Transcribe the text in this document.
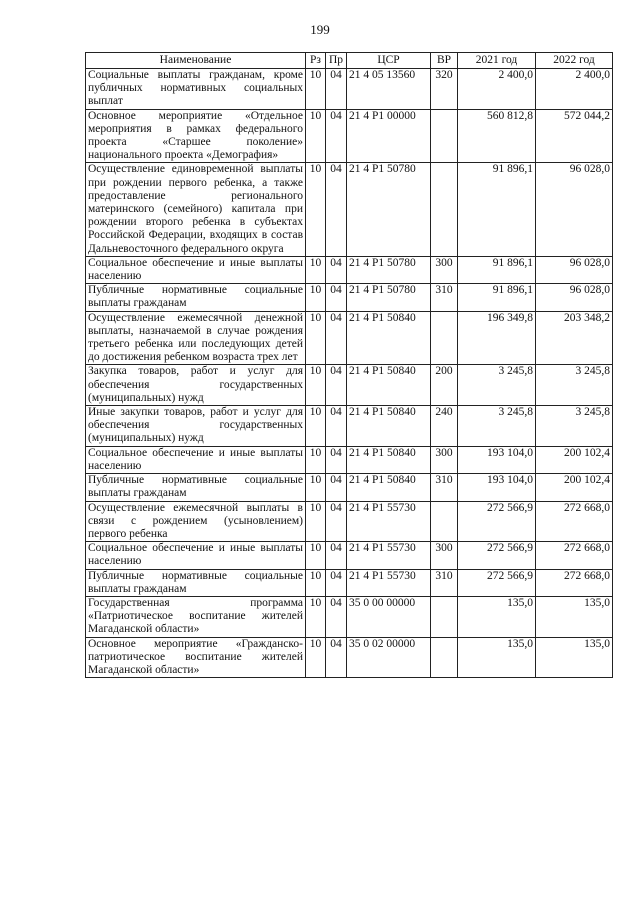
199
Наименование	Рз	Пр	ЦСР	ВР	2021 год	2022 год
Социальные выплаты гражданам, кроме публичных нормативных социальных выплат	10	04	21 4 05 13560	320	2 400,0	2 400,0
Основное мероприятие «Отдельное мероприятия в рамках федерального проекта «Старшее поколение» национального проекта «Демография»	10	04	21 4 P1 00000		560 812,8	572 044,2
Осуществление единовременной выплаты при рождении первого ребенка, а также предоставление регионального материнского (семейного) капитала при рождении второго ребенка в субъектах Российской Федерации, входящих в состав Дальневосточного федерального округа	10	04	21 4 P1 50780		91 896,1	96 028,0
Социальное обеспечение и иные выплаты населению	10	04	21 4 P1 50780	300	91 896,1	96 028,0
Публичные нормативные социальные выплаты гражданам	10	04	21 4 P1 50780	310	91 896,1	96 028,0
Осуществление ежемесячной денежной выплаты, назначаемой в случае рождения третьего ребенка или последующих детей до достижения ребенком возраста трех лет	10	04	21 4 P1 50840		196 349,8	203 348,2
Закупка товаров, работ и услуг для обеспечения государственных (муниципальных) нужд	10	04	21 4 P1 50840	200	3 245,8	3 245,8
Иные закупки товаров, работ и услуг для обеспечения государственных (муниципальных) нужд	10	04	21 4 P1 50840	240	3 245,8	3 245,8
Социальное обеспечение и иные выплаты населению	10	04	21 4 P1 50840	300	193 104,0	200 102,4
Публичные нормативные социальные выплаты гражданам	10	04	21 4 P1 50840	310	193 104,0	200 102,4
Осуществление ежемесячной выплаты в связи с рождением (усыновлением) первого ребенка	10	04	21 4 P1 55730		272 566,9	272 668,0
Социальное обеспечение и иные выплаты населению	10	04	21 4 P1 55730	300	272 566,9	272 668,0
Публичные нормативные социальные выплаты гражданам	10	04	21 4 P1 55730	310	272 566,9	272 668,0
Государственная программа «Патриотическое воспитание жителей Магаданской области»	10	04	35 0 00 00000		135,0	135,0
Основное мероприятие «Гражданско-патриотическое воспитание жителей Магаданской области»	10	04	35 0 02 00000		135,0	135,0
